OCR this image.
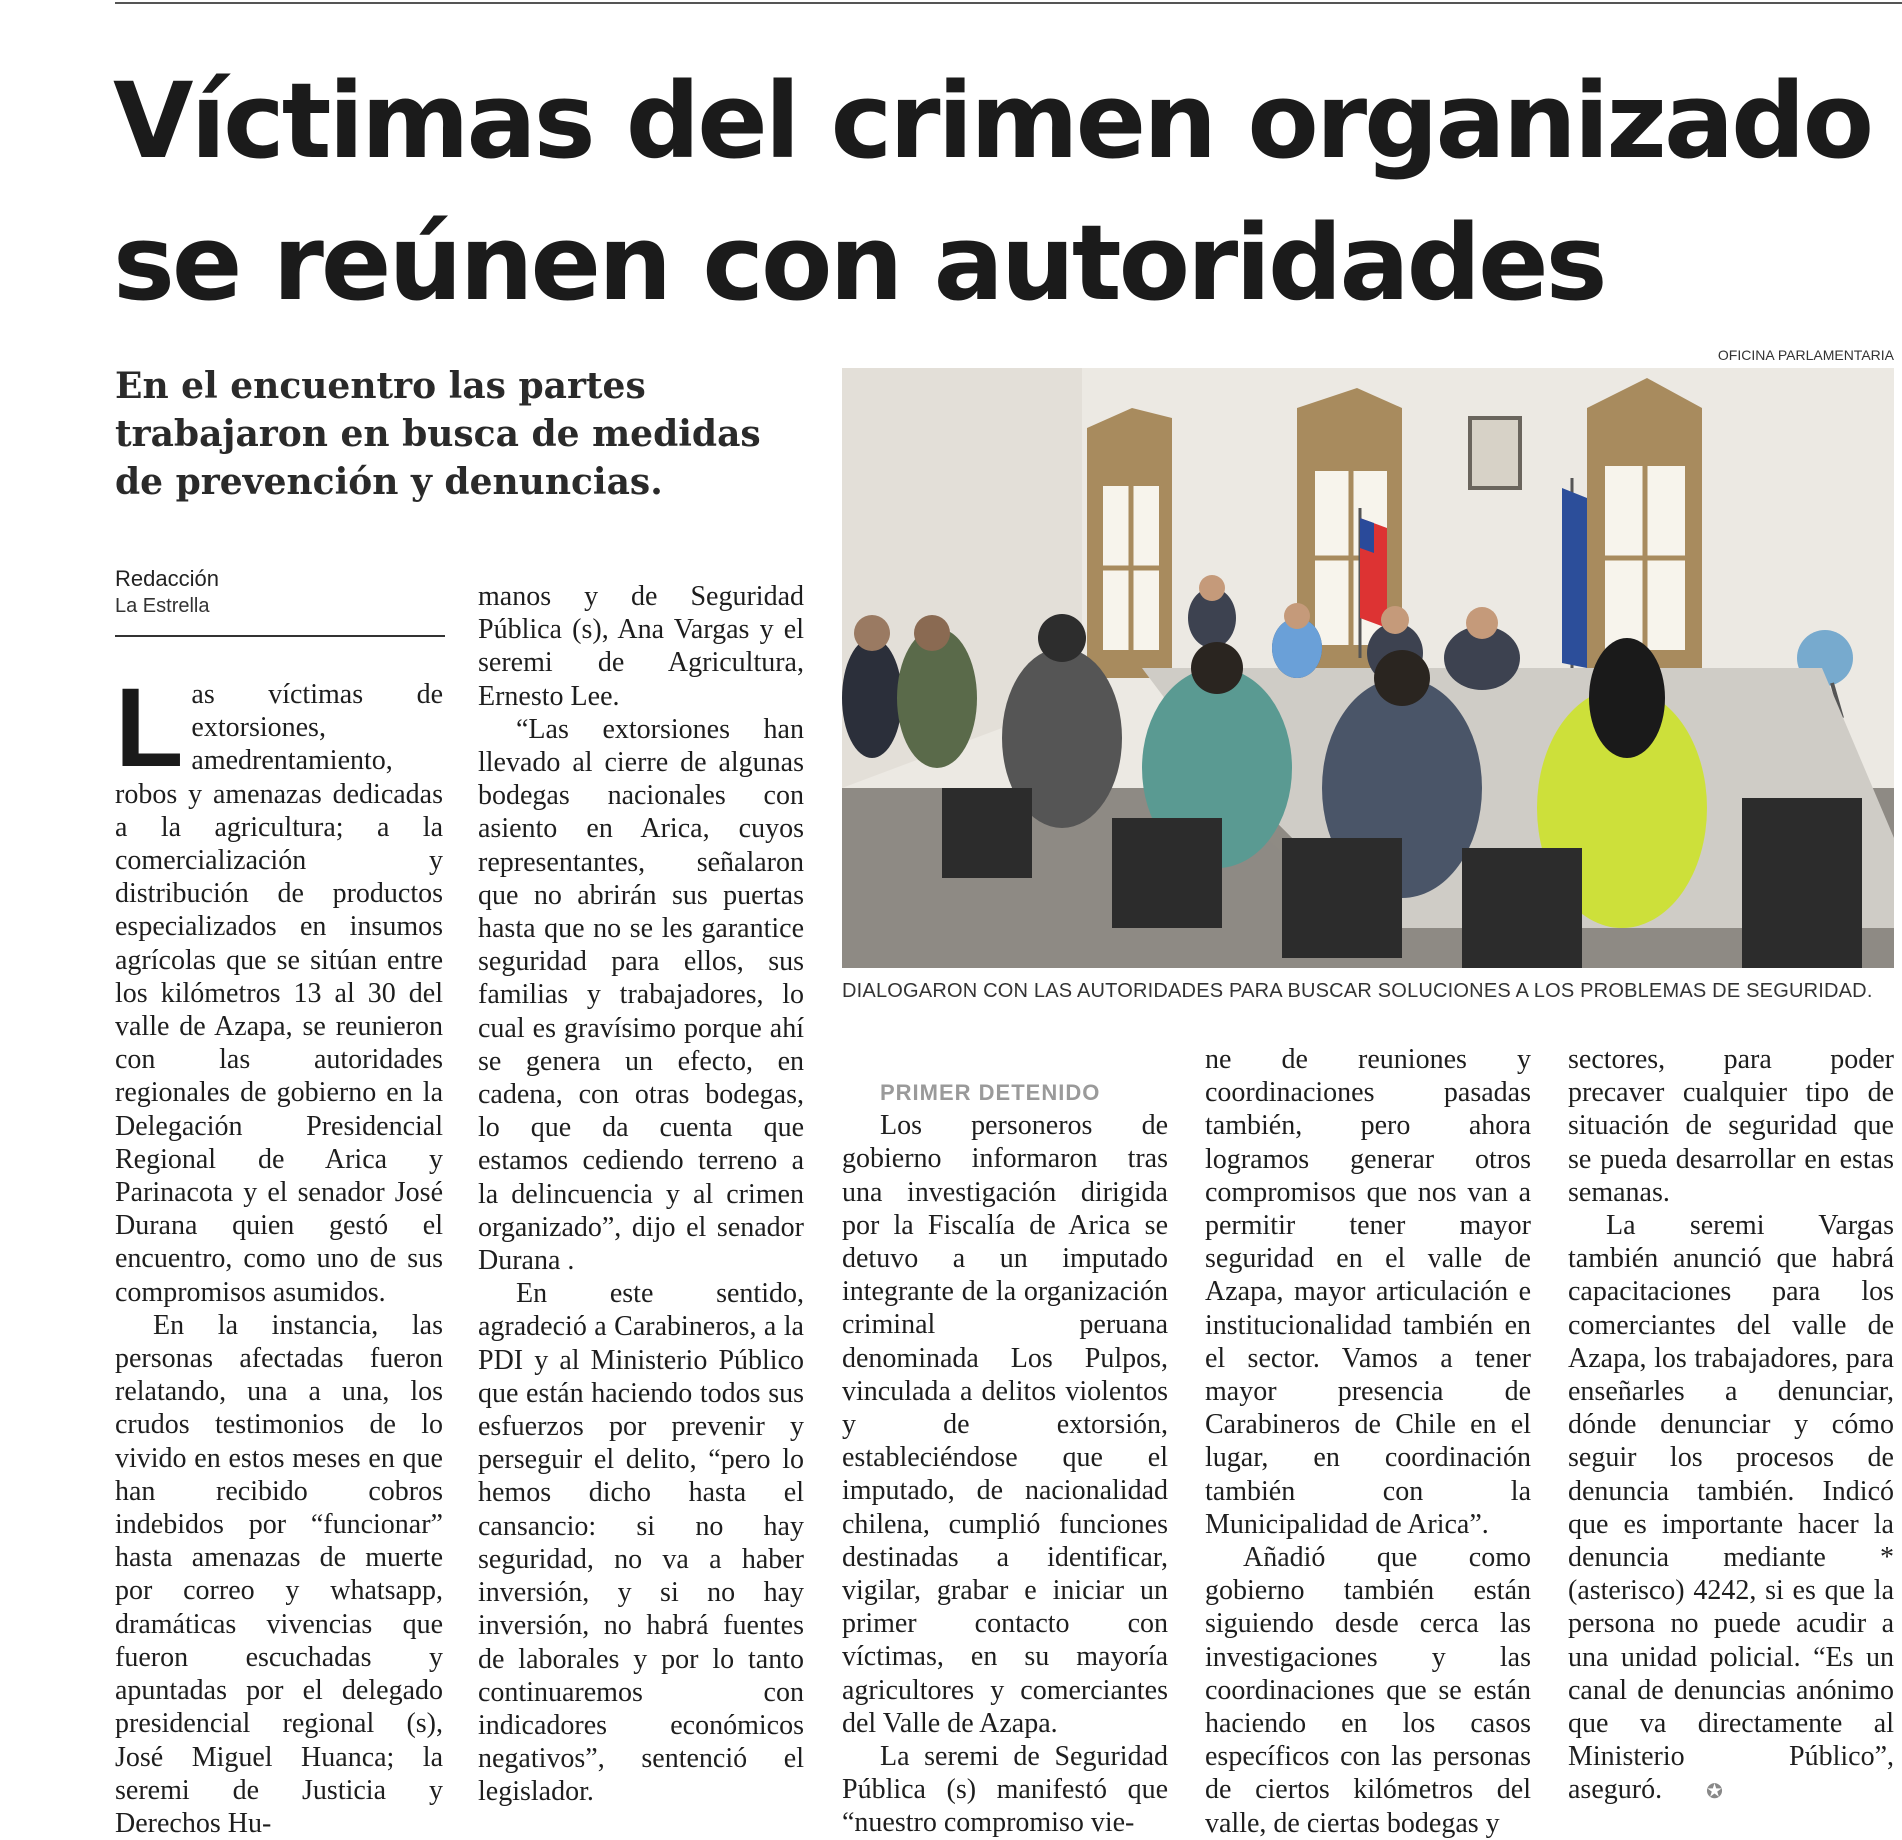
Víctimas del crimen organizado se reúnen con autoridades

En el encuentro las partes trabajaron en busca de medidas de prevención y denuncias.

Redacción
La Estrella
OFICINA PARLAMENTARIA
DIALOGARON CON LAS AUTORIDADES PARA BUSCAR SOLUCIONES A LOS PROBLEMAS DE SEGURIDAD.

Las víctimas de extorsiones, amedrentamiento, robos y amenazas dedicadas a la agricultura; a la comercialización y distribución de productos especializados en insumos agrícolas que se sitúan entre los kilómetros 13 al 30 del valle de Azapa, se reunieron con las autoridades regionales de gobierno en la Delegación Presidencial Regional de Arica y Parinacota y el senador José Durana quien gestó el encuentro, como uno de sus compromisos asumidos.

En la instancia, las personas afectadas fueron relatando, una a una, los crudos testimonios de lo vivido en estos meses en que han recibido cobros indebidos por “funcionar” hasta amenazas de muerte por correo y whatsapp, dramáticas vivencias que fueron escuchadas y apuntadas por el delegado presidencial regional (s), José Miguel Huanca; la seremi de Justicia y Derechos Hu-

manos y de Seguridad Pública (s), Ana Vargas y el seremi de Agricultura, Ernesto Lee.

“Las extorsiones han llevado al cierre de algunas bodegas nacionales con asiento en Arica, cuyos representantes, señalaron que no abrirán sus puertas hasta que no se les garantice seguridad para ellos, sus familias y trabajadores, lo cual es gravísimo porque ahí se genera un efecto, en cadena, con otras bodegas, lo que da cuenta que estamos cediendo terreno a la delincuencia y al crimen organizado”, dijo el senador Durana .

En este sentido, agradeció a Carabineros, a la PDI y al Ministerio Público que están haciendo todos sus esfuerzos por prevenir y perseguir el delito, “pero lo hemos dicho hasta el cansancio: si no hay seguridad, no va a haber inversión, y si no hay inversión, no habrá fuentes de laborales y por lo tanto continuaremos con indicadores económicos negativos”, sentenció el legislador.

PRIMER DETENIDO

Los personeros de gobierno informaron tras una investigación dirigida por la Fiscalía de Arica se detuvo a un imputado integrante de la organización criminal peruana denominada Los Pulpos, vinculada a delitos violentos y de extorsión, estableciéndose que el imputado, de nacionalidad chilena, cumplió funciones destinadas a identificar, vigilar, grabar e iniciar un primer contacto con víctimas, en su mayoría agricultores y comerciantes del Valle de Azapa.

La seremi de Seguridad Pública (s) manifestó que “nuestro compromiso vie-

ne de reuniones y coordinaciones pasadas también, pero ahora logramos generar otros compromisos que nos van a permitir tener mayor seguridad en el valle de Azapa, mayor articulación e institucionalidad también en el sector. Vamos a tener mayor presencia de Carabineros de Chile en el lugar, en coordinación también con la Municipalidad de Arica”.

Añadió que como gobierno también están siguiendo desde cerca las investigaciones y las coordinaciones que se están haciendo en los casos específicos con las personas de ciertos kilómetros del valle, de ciertas bodegas y

sectores, para poder precaver cualquier tipo de situación de seguridad que se pueda desarrollar en estas semanas.

La seremi Vargas también anunció que habrá capacitaciones para los comerciantes del valle de Azapa, los trabajadores, para enseñarles a denunciar, dónde denunciar y cómo seguir los procesos de denuncia también. Indicó que es importante hacer la denuncia mediante *(asterisco) 4242, si es que la persona no puede acudir a una unidad policial. “Es un canal de denuncias anónimo que va directamente al Ministerio Público”, aseguró. ✪
